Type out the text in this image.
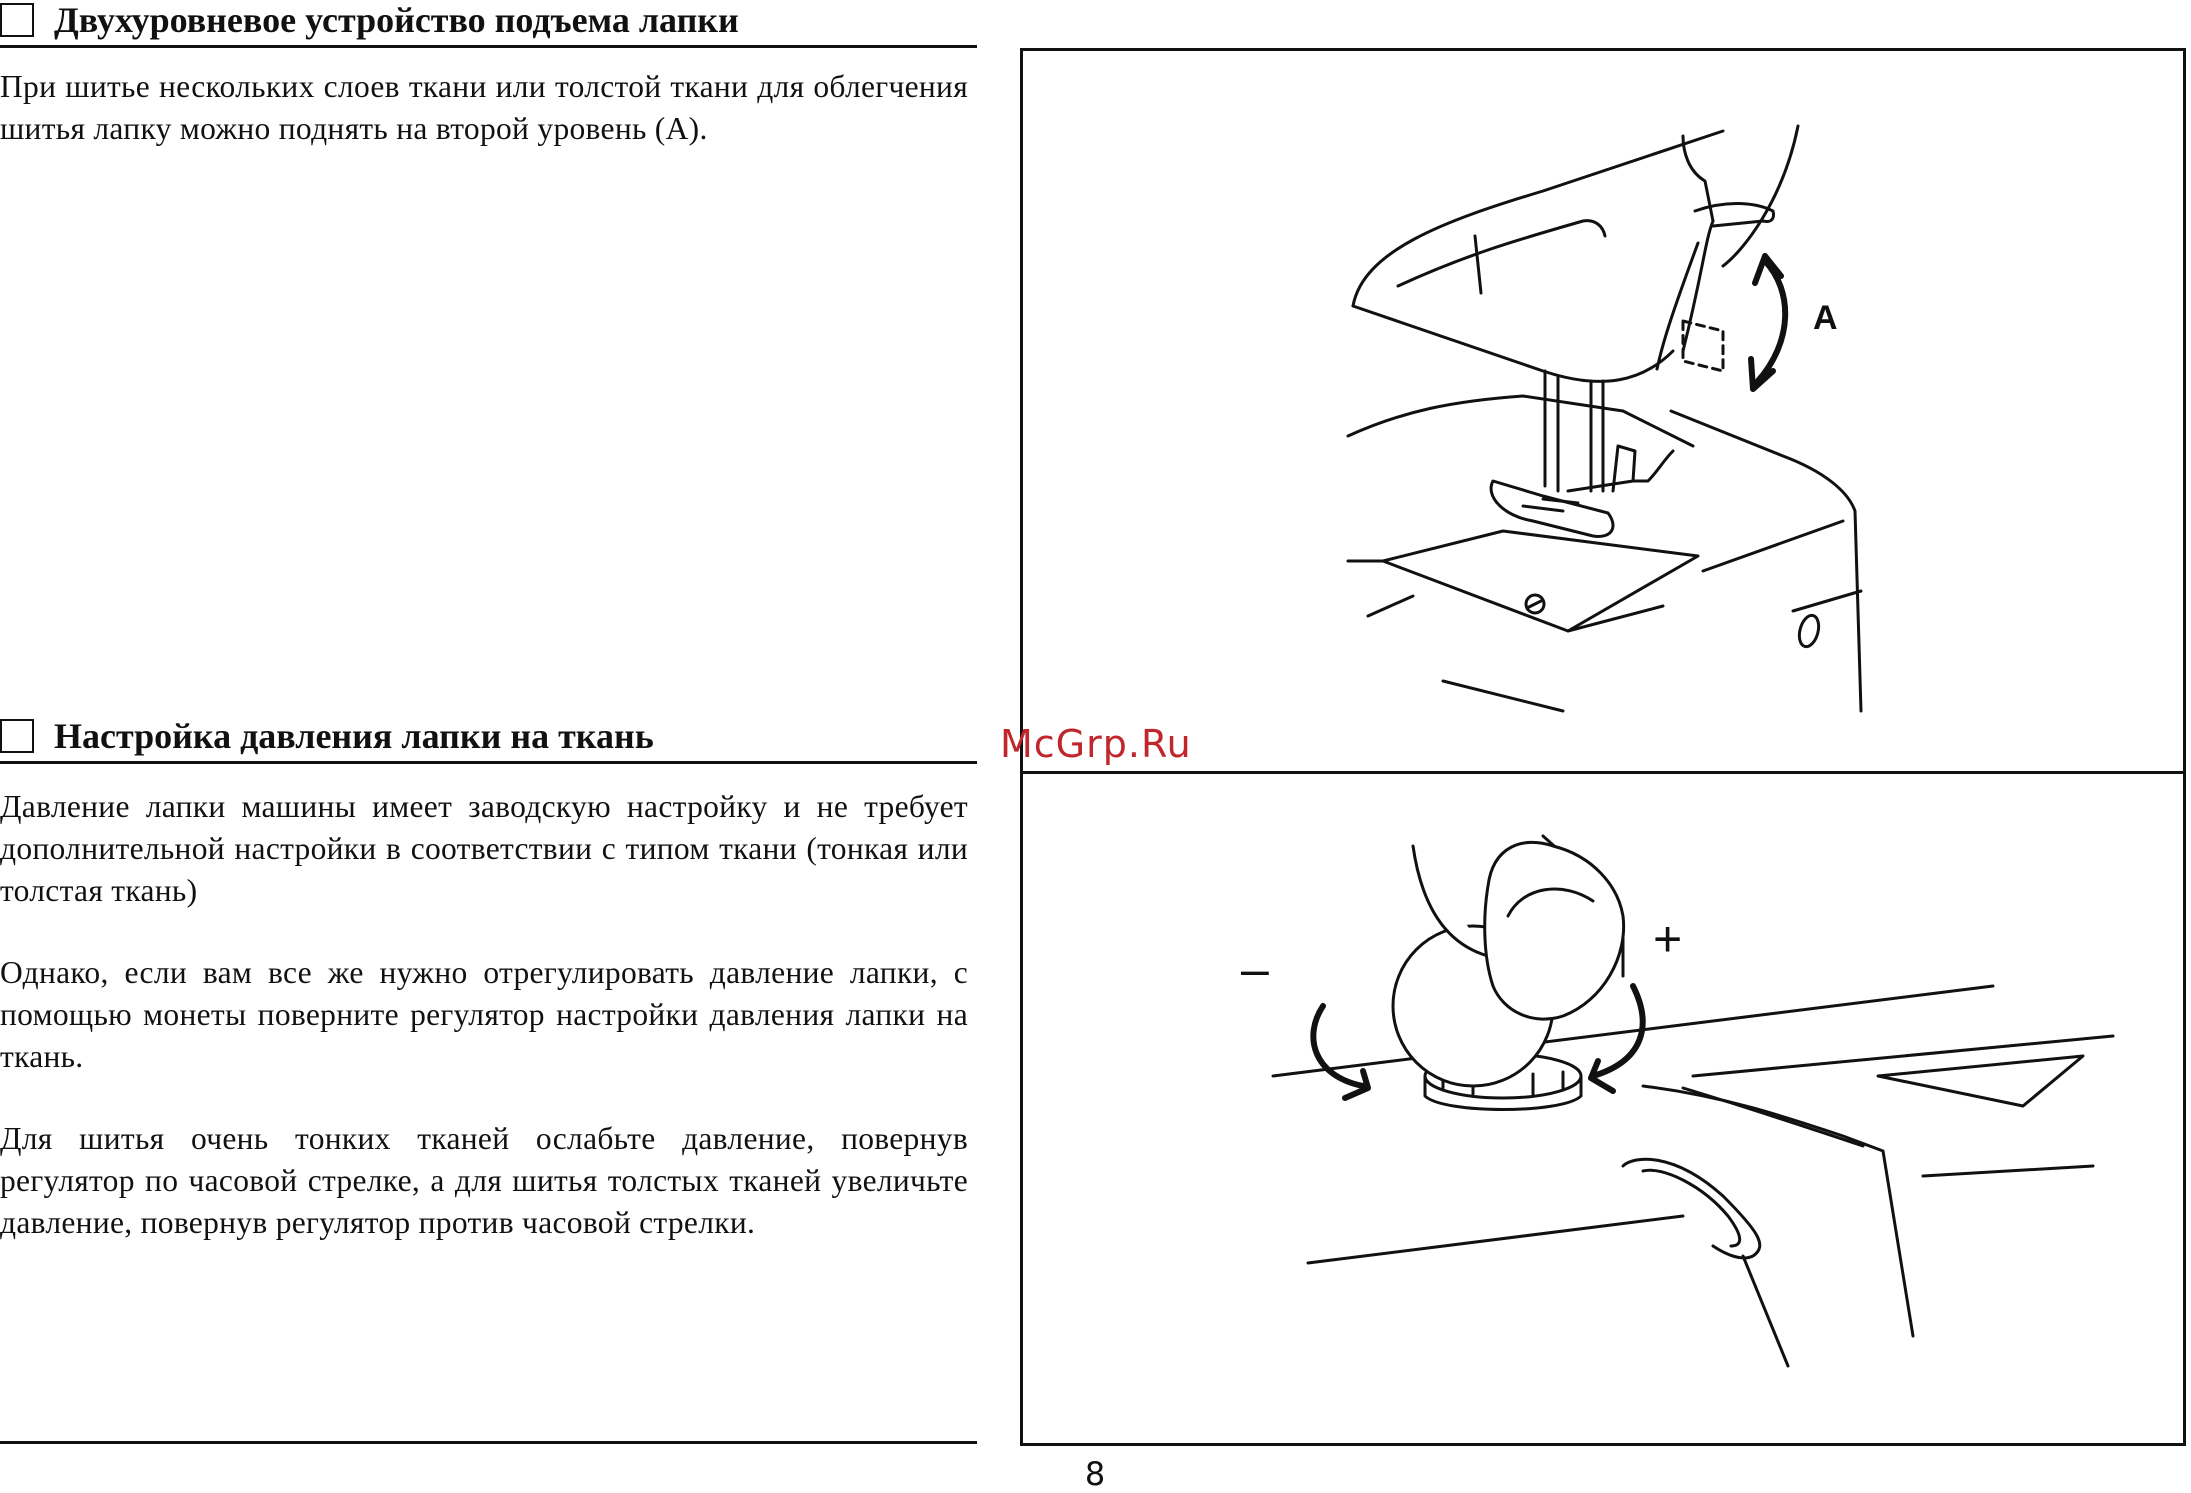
Двухуровневое устройство подъема лапки

При шитье нескольких слоев ткани или толстой ткани для облегчения шитья лапку можно поднять на второй уровень (А).

Настройка давления лапки на ткань

Давление лапки машины имеет заводскую настройку и не требует дополнительной настройки в соответствии с типом ткани (тонкая или толстая ткань)

Однако, если вам все же нужно отрегулировать давление лапки, с помощью монеты поверните регулятор настройки давления лапки на ткань.

Для шитья очень тонких тканей ослабьте давление, повернув регулятор по часовой стрелке, а для шитья толстых тканей увеличьте давление, повернув регулятор против часовой стрелки.

A
–
+
McGrp.Ru
8
